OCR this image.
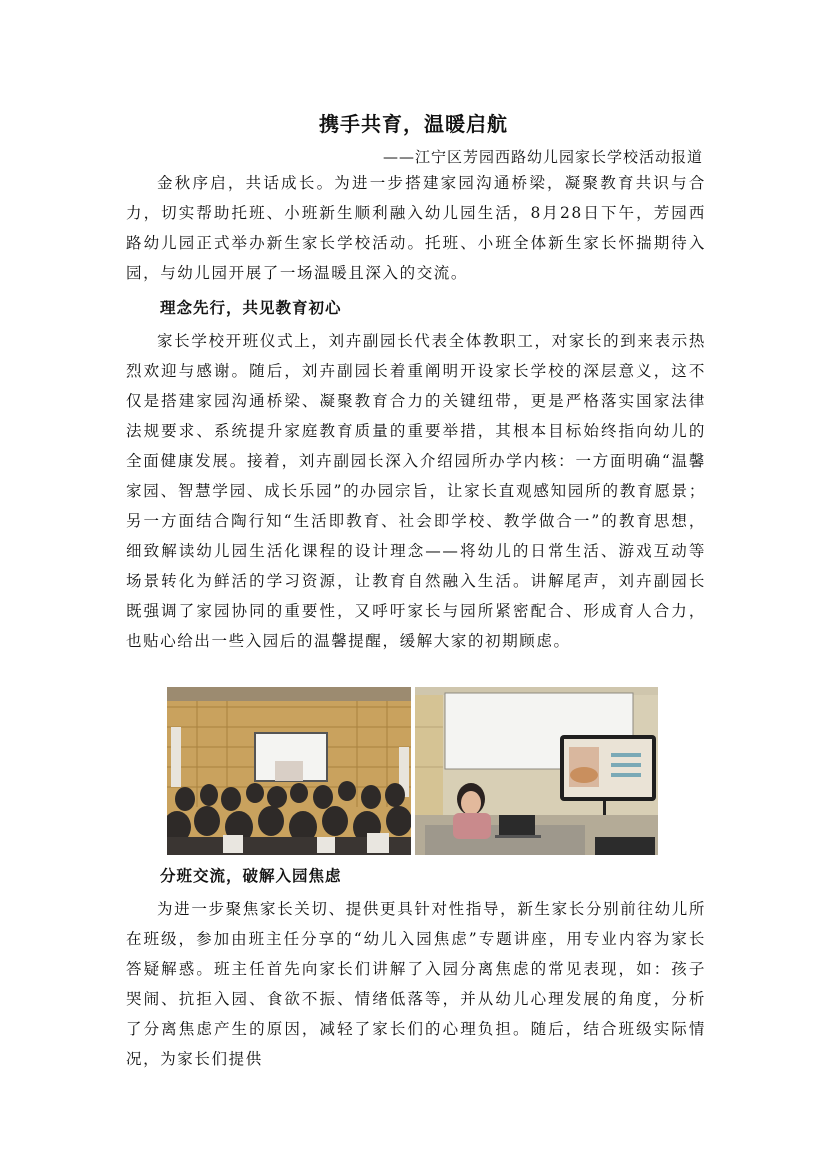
携手共育，温暖启航
——江宁区芳园西路幼儿园家长学校活动报道

金秋序启，共话成长。为进一步搭建家园沟通桥梁，凝聚教育共识与合力，切实帮助托班、小班新生顺利融入幼儿园生活，8月28日下午，芳园西路幼儿园正式举办新生家长学校活动。托班、小班全体新生家长怀揣期待入园，与幼儿园开展了一场温暖且深入的交流。

理念先行，共见教育初心

家长学校开班仪式上，刘卉副园长代表全体教职工，对家长的到来表示热烈欢迎与感谢。随后，刘卉副园长着重阐明开设家长学校的深层意义，这不仅是搭建家园沟通桥梁、凝聚教育合力的关键纽带，更是严格落实国家法律法规要求、系统提升家庭教育质量的重要举措，其根本目标始终指向幼儿的全面健康发展。接着，刘卉副园长深入介绍园所办学内核：一方面明确“温馨家园、智慧学园、成长乐园”的办园宗旨，让家长直观感知园所的教育愿景；另一方面结合陶行知“生活即教育、社会即学校、教学做合一”的教育思想，细致解读幼儿园生活化课程的设计理念——将幼儿的日常生活、游戏互动等场景转化为鲜活的学习资源，让教育自然融入生活。讲解尾声，刘卉副园长既强调了家园协同的重要性，又呼吁家长与园所紧密配合、形成育人合力，也贴心给出一些入园后的温馨提醒，缓解大家的初期顾虑。

分班交流，破解入园焦虑

为进一步聚焦家长关切、提供更具针对性指导，新生家长分别前往幼儿所在班级，参加由班主任分享的“幼儿入园焦虑”专题讲座，用专业内容为家长答疑解惑。班主任首先向家长们讲解了入园分离焦虑的常见表现，如：孩子哭闹、抗拒入园、食欲不振、情绪低落等，并从幼儿心理发展的角度，分析了分离焦虑产生的原因，减轻了家长们的心理负担。随后，结合班级实际情况，为家长们提供
